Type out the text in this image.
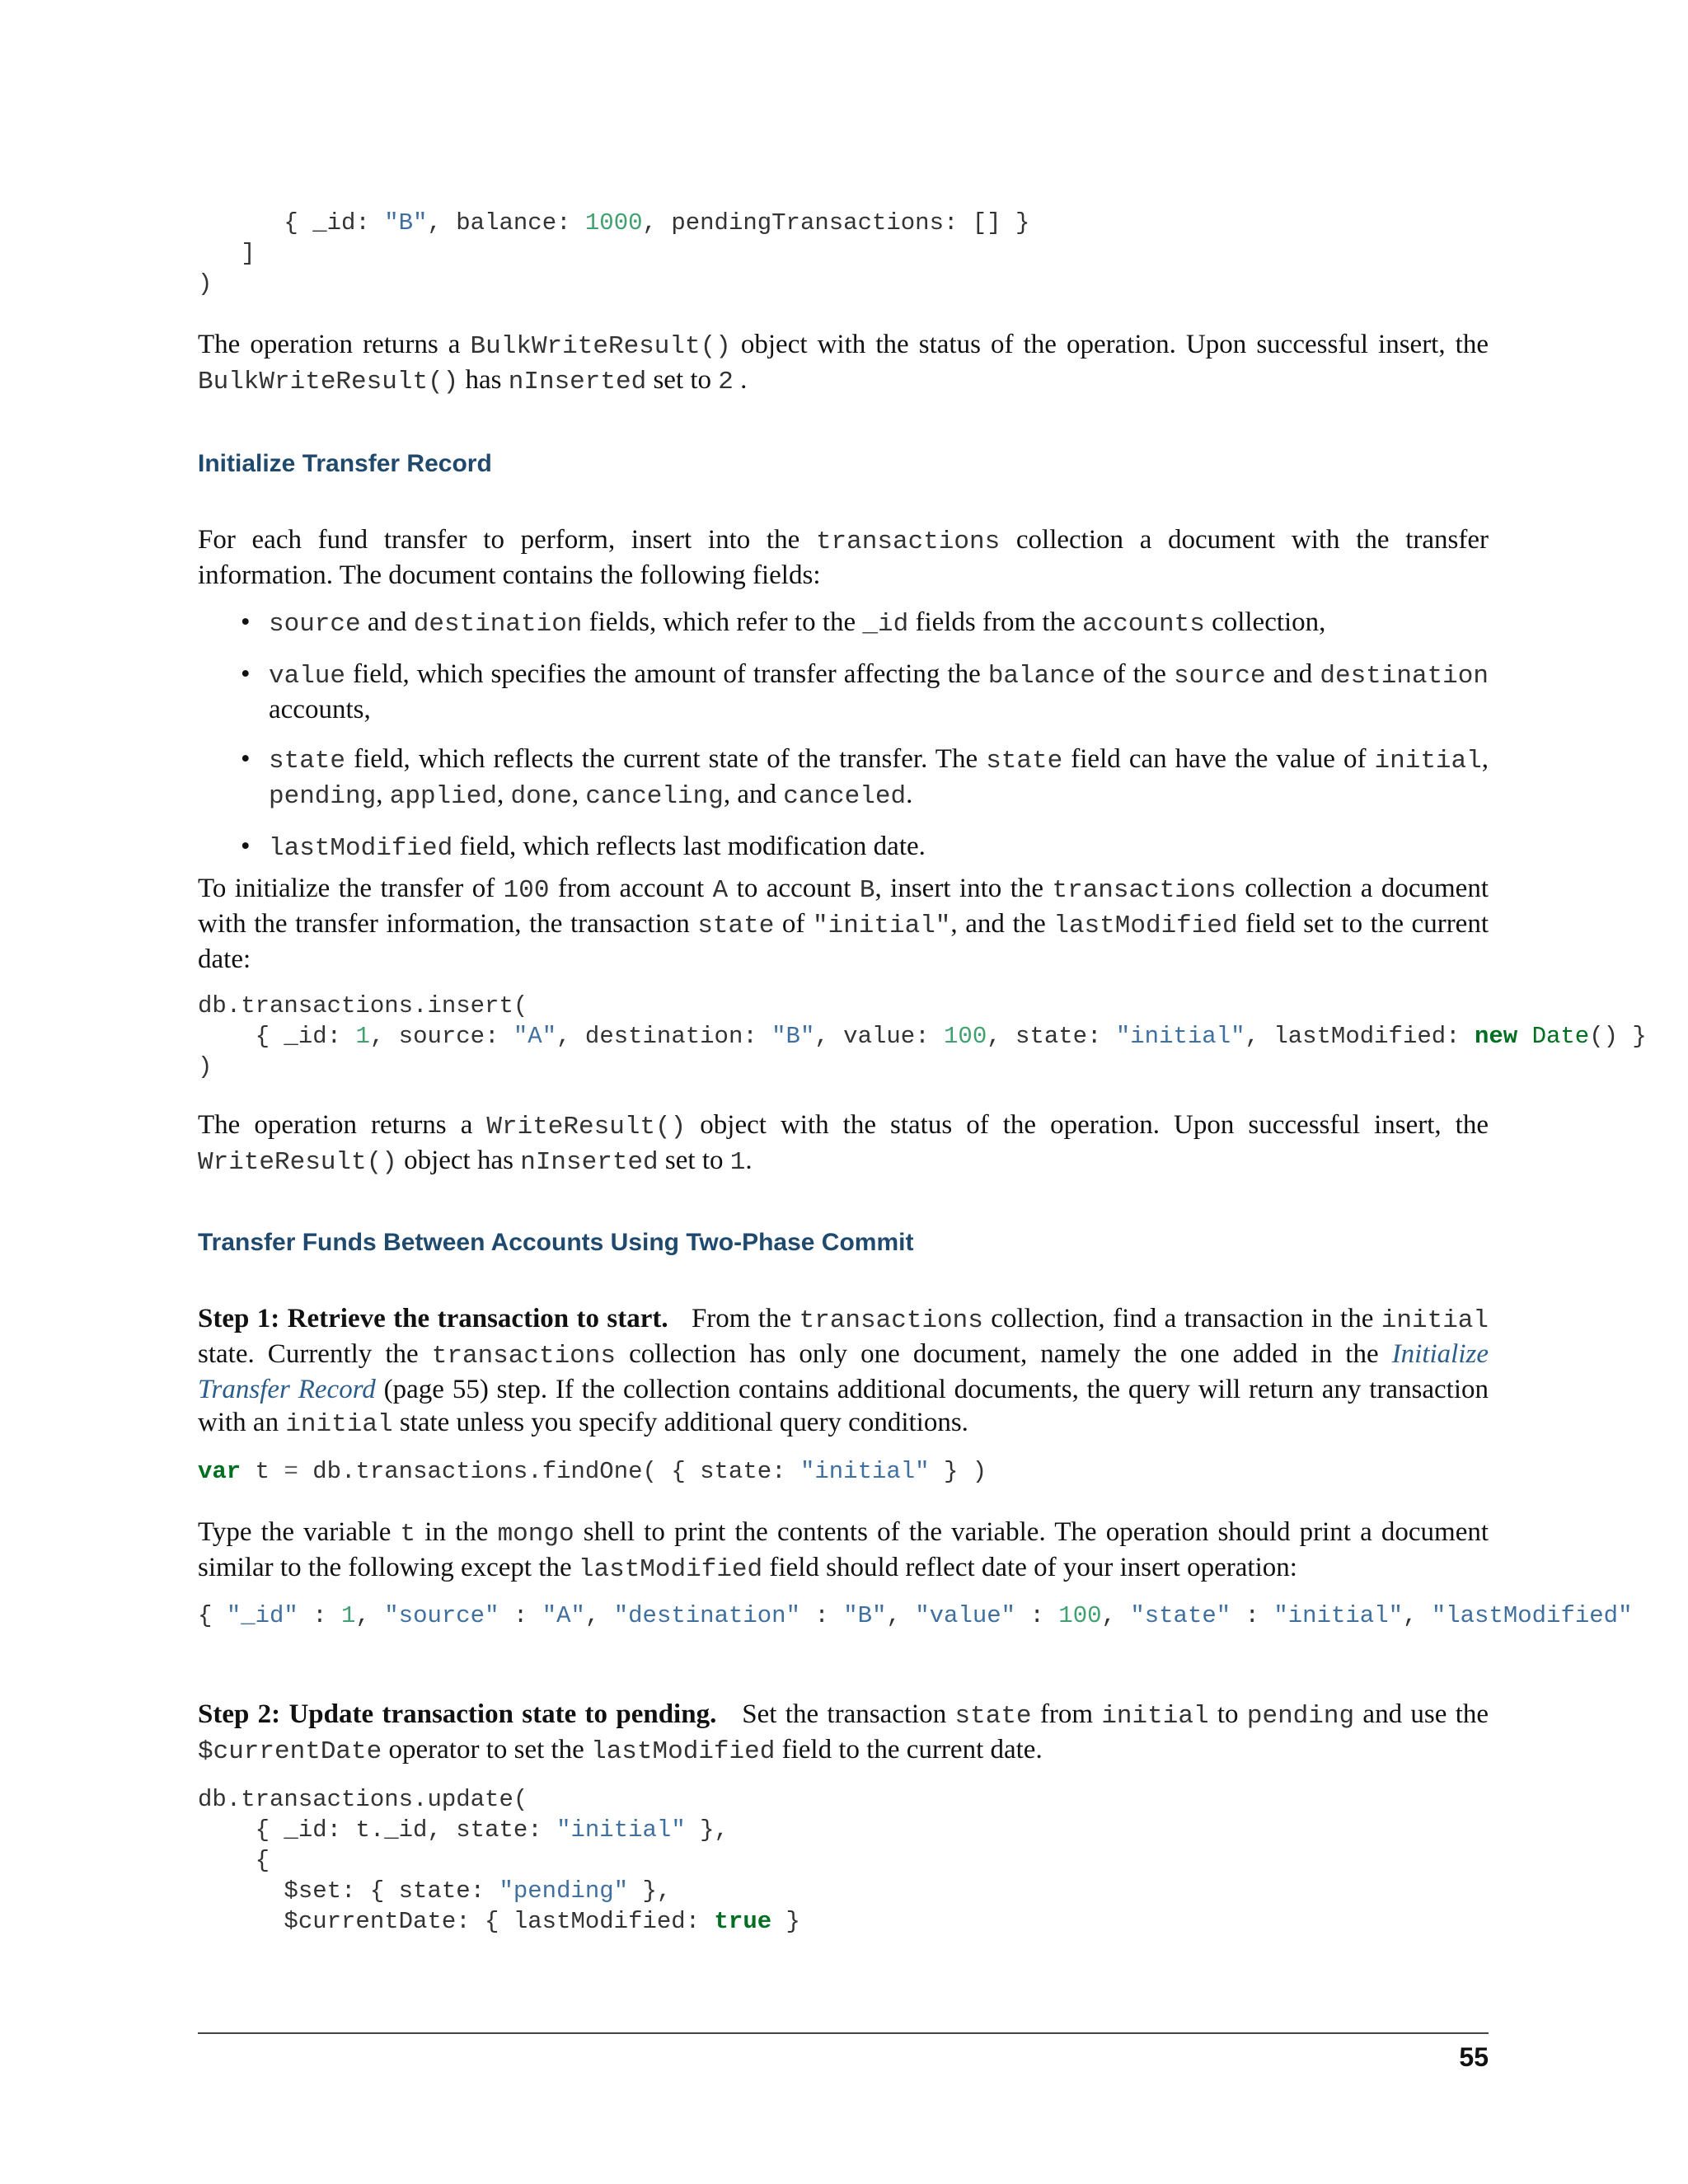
{ _id: "B", balance: 1000, pendingTransactions: [] }
]
)

The operation returns a BulkWriteResult() object with the status of the operation. Upon successful insert, the BulkWriteResult() has nInserted set to 2 .

Initialize Transfer Record

For each fund transfer to perform, insert into the transactions collection a document with the transfer information. The document contains the following fields:

• source and destination fields, which refer to the _id fields from the accounts collection,
• value field, which specifies the amount of transfer affecting the balance of the source and destination accounts,
• state field, which reflects the current state of the transfer. The state field can have the value of initial, pending, applied, done, canceling, and canceled.
• lastModified field, which reflects last modification date.

To initialize the transfer of 100 from account A to account B, insert into the transactions collection a document with the transfer information, the transaction state of "initial", and the lastModified field set to the current date:

db.transactions.insert(
{ _id: 1, source: "A", destination: "B", value: 100, state: "initial", lastModified: new Date() }
)

The operation returns a WriteResult() object with the status of the operation. Upon successful insert, the WriteResult() object has nInserted set to 1.

Transfer Funds Between Accounts Using Two-Phase Commit

Step 1: Retrieve the transaction to start. From the transactions collection, find a transaction in the initial state. Currently the transactions collection has only one document, namely the one added in the Initialize Transfer Record (page 55) step. If the collection contains additional documents, the query will return any transaction with an initial state unless you specify additional query conditions.

var t = db.transactions.findOne( { state: "initial" } )

Type the variable t in the mongo shell to print the contents of the variable. The operation should print a document similar to the following except the lastModified field should reflect date of your insert operation:

{ "_id" : 1, "source" : "A", "destination" : "B", "value" : 100, "state" : "initial", "lastModified"

Step 2: Update transaction state to pending. Set the transaction state from initial to pending and use the $currentDate operator to set the lastModified field to the current date.

db.transactions.update(
{ _id: t._id, state: "initial" },
{
$set: { state: "pending" },
$currentDate: { lastModified: true }
55
